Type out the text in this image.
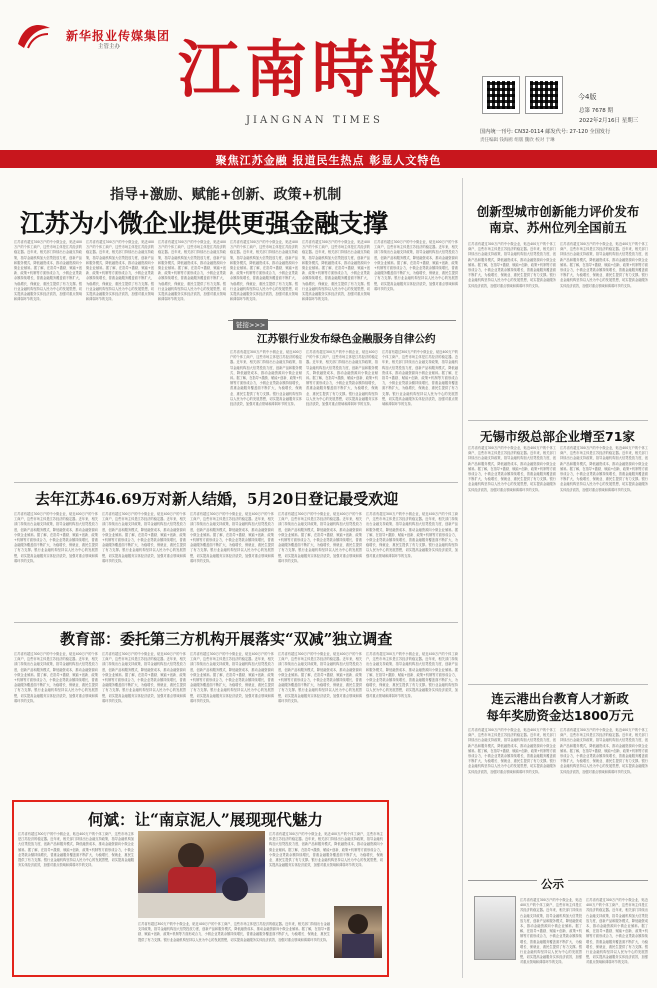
新华报业传媒集团
主管主办 江南時報
JIANGNAN TIMES
今4版
总第 7678 期
2022年2月16日 星期三
国内统一刊号: CN32-0114 邮发代号: 27-120 全国发行
责任编辑 钱海鸥 组版 魏欣 校对 于琳
聚焦江苏金融 报道民生热点 彰显人文特色
指导+激励、赋能+创新、政策+机制
江苏为小微企业提供更强金融支撑
江苏省有超过300万户的中小微企业，贴近400万户的个体工商户，这些市场主体是江苏经济的稳定器。近年来，相关部门持续出台金融支持政策，指导金融机构加大信贷投放力度，创新产品和服务模式，降低融资成本，推动金融资源向小微企业倾斜。据了解，在指导+激励、赋能+创新、政策+机制等方面形成合力，小微企业贷款余额持续增长，普惠金融服务覆盖面不断扩大，为稳增长、保就业、惠民生提供了有力支撑。银行业金融机构坚持以人民为中心的发展思想，切实提高金融服务实体经济质效，加强对重点领域和薄弱环节的支持。
江苏省有超过300万户的中小微企业，贴近400万户的个体工商户，这些市场主体是江苏经济的稳定器。近年来，相关部门持续出台金融支持政策，指导金融机构加大信贷投放力度，创新产品和服务模式，降低融资成本，推动金融资源向小微企业倾斜。据了解，在指导+激励、赋能+创新、政策+机制等方面形成合力，小微企业贷款余额持续增长，普惠金融服务覆盖面不断扩大，为稳增长、保就业、惠民生提供了有力支撑。银行业金融机构坚持以人民为中心的发展思想，切实提高金融服务实体经济质效，加强对重点领域和薄弱环节的支持。
江苏省有超过300万户的中小微企业，贴近400万户的个体工商户，这些市场主体是江苏经济的稳定器。近年来，相关部门持续出台金融支持政策，指导金融机构加大信贷投放力度，创新产品和服务模式，降低融资成本，推动金融资源向小微企业倾斜。据了解，在指导+激励、赋能+创新、政策+机制等方面形成合力，小微企业贷款余额持续增长，普惠金融服务覆盖面不断扩大，为稳增长、保就业、惠民生提供了有力支撑。银行业金融机构坚持以人民为中心的发展思想，切实提高金融服务实体经济质效，加强对重点领域和薄弱环节的支持。
江苏省有超过300万户的中小微企业，贴近400万户的个体工商户，这些市场主体是江苏经济的稳定器。近年来，相关部门持续出台金融支持政策，指导金融机构加大信贷投放力度，创新产品和服务模式，降低融资成本，推动金融资源向小微企业倾斜。据了解，在指导+激励、赋能+创新、政策+机制等方面形成合力，小微企业贷款余额持续增长，普惠金融服务覆盖面不断扩大，为稳增长、保就业、惠民生提供了有力支撑。银行业金融机构坚持以人民为中心的发展思想，切实提高金融服务实体经济质效，加强对重点领域和薄弱环节的支持。
江苏省有超过300万户的中小微企业，贴近400万户的个体工商户，这些市场主体是江苏经济的稳定器。近年来，相关部门持续出台金融支持政策，指导金融机构加大信贷投放力度，创新产品和服务模式，降低融资成本，推动金融资源向小微企业倾斜。据了解，在指导+激励、赋能+创新、政策+机制等方面形成合力，小微企业贷款余额持续增长，普惠金融服务覆盖面不断扩大，为稳增长、保就业、惠民生提供了有力支撑。银行业金融机构坚持以人民为中心的发展思想，切实提高金融服务实体经济质效，加强对重点领域和薄弱环节的支持。
江苏省有超过300万户的中小微企业，贴近400万户的个体工商户，这些市场主体是江苏经济的稳定器。近年来，相关部门持续出台金融支持政策，指导金融机构加大信贷投放力度，创新产品和服务模式，降低融资成本，推动金融资源向小微企业倾斜。据了解，在指导+激励、赋能+创新、政策+机制等方面形成合力，小微企业贷款余额持续增长，普惠金融服务覆盖面不断扩大，为稳增长、保就业、惠民生提供了有力支撑。银行业金融机构坚持以人民为中心的发展思想，切实提高金融服务实体经济质效，加强对重点领域和薄弱环节的支持。
链接>>>
江苏银行业发布绿色金融服务自律公约
江苏省有超过300万户的中小微企业，贴近400万户的个体工商户，这些市场主体是江苏经济的稳定器。近年来，相关部门持续出台金融支持政策，指导金融机构加大信贷投放力度，创新产品和服务模式，降低融资成本，推动金融资源向小微企业倾斜。据了解，在指导+激励、赋能+创新、政策+机制等方面形成合力，小微企业贷款余额持续增长，普惠金融服务覆盖面不断扩大，为稳增长、保就业、惠民生提供了有力支撑。银行业金融机构坚持以人民为中心的发展思想，切实提高金融服务实体经济质效，加强对重点领域和薄弱环节的支持。
江苏省有超过300万户的中小微企业，贴近400万户的个体工商户，这些市场主体是江苏经济的稳定器。近年来，相关部门持续出台金融支持政策，指导金融机构加大信贷投放力度，创新产品和服务模式，降低融资成本，推动金融资源向小微企业倾斜。据了解，在指导+激励、赋能+创新、政策+机制等方面形成合力，小微企业贷款余额持续增长，普惠金融服务覆盖面不断扩大，为稳增长、保就业、惠民生提供了有力支撑。银行业金融机构坚持以人民为中心的发展思想，切实提高金融服务实体经济质效，加强对重点领域和薄弱环节的支持。
江苏省有超过300万户的中小微企业，贴近400万户的个体工商户，这些市场主体是江苏经济的稳定器。近年来，相关部门持续出台金融支持政策，指导金融机构加大信贷投放力度，创新产品和服务模式，降低融资成本，推动金融资源向小微企业倾斜。据了解，在指导+激励、赋能+创新、政策+机制等方面形成合力，小微企业贷款余额持续增长，普惠金融服务覆盖面不断扩大，为稳增长、保就业、惠民生提供了有力支撑。银行业金融机构坚持以人民为中心的发展思想，切实提高金融服务实体经济质效，加强对重点领域和薄弱环节的支持。
创新型城市创新能力评价发布
南京、苏州位列全国前五
江苏省有超过300万户的中小微企业，贴近400万户的个体工商户，这些市场主体是江苏经济的稳定器。近年来，相关部门持续出台金融支持政策，指导金融机构加大信贷投放力度，创新产品和服务模式，降低融资成本，推动金融资源向小微企业倾斜。据了解，在指导+激励、赋能+创新、政策+机制等方面形成合力，小微企业贷款余额持续增长，普惠金融服务覆盖面不断扩大，为稳增长、保就业、惠民生提供了有力支撑。银行业金融机构坚持以人民为中心的发展思想，切实提高金融服务实体经济质效，加强对重点领域和薄弱环节的支持。
江苏省有超过300万户的中小微企业，贴近400万户的个体工商户，这些市场主体是江苏经济的稳定器。近年来，相关部门持续出台金融支持政策，指导金融机构加大信贷投放力度，创新产品和服务模式，降低融资成本，推动金融资源向小微企业倾斜。据了解，在指导+激励、赋能+创新、政策+机制等方面形成合力，小微企业贷款余额持续增长，普惠金融服务覆盖面不断扩大，为稳增长、保就业、惠民生提供了有力支撑。银行业金融机构坚持以人民为中心的发展思想，切实提高金融服务实体经济质效，加强对重点领域和薄弱环节的支持。
无锡市级总部企业增至71家
江苏省有超过300万户的中小微企业，贴近400万户的个体工商户，这些市场主体是江苏经济的稳定器。近年来，相关部门持续出台金融支持政策，指导金融机构加大信贷投放力度，创新产品和服务模式，降低融资成本，推动金融资源向小微企业倾斜。据了解，在指导+激励、赋能+创新、政策+机制等方面形成合力，小微企业贷款余额持续增长，普惠金融服务覆盖面不断扩大，为稳增长、保就业、惠民生提供了有力支撑。银行业金融机构坚持以人民为中心的发展思想，切实提高金融服务实体经济质效，加强对重点领域和薄弱环节的支持。
江苏省有超过300万户的中小微企业，贴近400万户的个体工商户，这些市场主体是江苏经济的稳定器。近年来，相关部门持续出台金融支持政策，指导金融机构加大信贷投放力度，创新产品和服务模式，降低融资成本，推动金融资源向小微企业倾斜。据了解，在指导+激励、赋能+创新、政策+机制等方面形成合力，小微企业贷款余额持续增长，普惠金融服务覆盖面不断扩大，为稳增长、保就业、惠民生提供了有力支撑。银行业金融机构坚持以人民为中心的发展思想，切实提高金融服务实体经济质效，加强对重点领域和薄弱环节的支持。
连云港出台教育人才新政
每年奖励资金达1800万元
江苏省有超过300万户的中小微企业，贴近400万户的个体工商户，这些市场主体是江苏经济的稳定器。近年来，相关部门持续出台金融支持政策，指导金融机构加大信贷投放力度，创新产品和服务模式，降低融资成本，推动金融资源向小微企业倾斜。据了解，在指导+激励、赋能+创新、政策+机制等方面形成合力，小微企业贷款余额持续增长，普惠金融服务覆盖面不断扩大，为稳增长、保就业、惠民生提供了有力支撑。银行业金融机构坚持以人民为中心的发展思想，切实提高金融服务实体经济质效，加强对重点领域和薄弱环节的支持。
江苏省有超过300万户的中小微企业，贴近400万户的个体工商户，这些市场主体是江苏经济的稳定器。近年来，相关部门持续出台金融支持政策，指导金融机构加大信贷投放力度，创新产品和服务模式，降低融资成本，推动金融资源向小微企业倾斜。据了解，在指导+激励、赋能+创新、政策+机制等方面形成合力，小微企业贷款余额持续增长，普惠金融服务覆盖面不断扩大，为稳增长、保就业、惠民生提供了有力支撑。银行业金融机构坚持以人民为中心的发展思想，切实提高金融服务实体经济质效，加强对重点领域和薄弱环节的支持。
公示
江苏省有超过300万户的中小微企业，贴近400万户的个体工商户，这些市场主体是江苏经济的稳定器。近年来，相关部门持续出台金融支持政策，指导金融机构加大信贷投放力度，创新产品和服务模式，降低融资成本，推动金融资源向小微企业倾斜。据了解，在指导+激励、赋能+创新、政策+机制等方面形成合力，小微企业贷款余额持续增长，普惠金融服务覆盖面不断扩大，为稳增长、保就业、惠民生提供了有力支撑。银行业金融机构坚持以人民为中心的发展思想，切实提高金融服务实体经济质效，加强对重点领域和薄弱环节的支持。
江苏省有超过300万户的中小微企业，贴近400万户的个体工商户，这些市场主体是江苏经济的稳定器。近年来，相关部门持续出台金融支持政策，指导金融机构加大信贷投放力度，创新产品和服务模式，降低融资成本，推动金融资源向小微企业倾斜。据了解，在指导+激励、赋能+创新、政策+机制等方面形成合力，小微企业贷款余额持续增长，普惠金融服务覆盖面不断扩大，为稳增长、保就业、惠民生提供了有力支撑。银行业金融机构坚持以人民为中心的发展思想，切实提高金融服务实体经济质效，加强对重点领域和薄弱环节的支持。
去年江苏46.69万对新人结婚，5月20日登记最受欢迎
江苏省有超过300万户的中小微企业，贴近400万户的个体工商户，这些市场主体是江苏经济的稳定器。近年来，相关部门持续出台金融支持政策，指导金融机构加大信贷投放力度，创新产品和服务模式，降低融资成本，推动金融资源向小微企业倾斜。据了解，在指导+激励、赋能+创新、政策+机制等方面形成合力，小微企业贷款余额持续增长，普惠金融服务覆盖面不断扩大，为稳增长、保就业、惠民生提供了有力支撑。银行业金融机构坚持以人民为中心的发展思想，切实提高金融服务实体经济质效，加强对重点领域和薄弱环节的支持。
江苏省有超过300万户的中小微企业，贴近400万户的个体工商户，这些市场主体是江苏经济的稳定器。近年来，相关部门持续出台金融支持政策，指导金融机构加大信贷投放力度，创新产品和服务模式，降低融资成本，推动金融资源向小微企业倾斜。据了解，在指导+激励、赋能+创新、政策+机制等方面形成合力，小微企业贷款余额持续增长，普惠金融服务覆盖面不断扩大，为稳增长、保就业、惠民生提供了有力支撑。银行业金融机构坚持以人民为中心的发展思想，切实提高金融服务实体经济质效，加强对重点领域和薄弱环节的支持。
江苏省有超过300万户的中小微企业，贴近400万户的个体工商户，这些市场主体是江苏经济的稳定器。近年来，相关部门持续出台金融支持政策，指导金融机构加大信贷投放力度，创新产品和服务模式，降低融资成本，推动金融资源向小微企业倾斜。据了解，在指导+激励、赋能+创新、政策+机制等方面形成合力，小微企业贷款余额持续增长，普惠金融服务覆盖面不断扩大，为稳增长、保就业、惠民生提供了有力支撑。银行业金融机构坚持以人民为中心的发展思想，切实提高金融服务实体经济质效，加强对重点领域和薄弱环节的支持。
江苏省有超过300万户的中小微企业，贴近400万户的个体工商户，这些市场主体是江苏经济的稳定器。近年来，相关部门持续出台金融支持政策，指导金融机构加大信贷投放力度，创新产品和服务模式，降低融资成本，推动金融资源向小微企业倾斜。据了解，在指导+激励、赋能+创新、政策+机制等方面形成合力，小微企业贷款余额持续增长，普惠金融服务覆盖面不断扩大，为稳增长、保就业、惠民生提供了有力支撑。银行业金融机构坚持以人民为中心的发展思想，切实提高金融服务实体经济质效，加强对重点领域和薄弱环节的支持。
江苏省有超过300万户的中小微企业，贴近400万户的个体工商户，这些市场主体是江苏经济的稳定器。近年来，相关部门持续出台金融支持政策，指导金融机构加大信贷投放力度，创新产品和服务模式，降低融资成本，推动金融资源向小微企业倾斜。据了解，在指导+激励、赋能+创新、政策+机制等方面形成合力，小微企业贷款余额持续增长，普惠金融服务覆盖面不断扩大，为稳增长、保就业、惠民生提供了有力支撑。银行业金融机构坚持以人民为中心的发展思想，切实提高金融服务实体经济质效，加强对重点领域和薄弱环节的支持。
教育部：委托第三方机构开展落实“双减”独立调查
江苏省有超过300万户的中小微企业，贴近400万户的个体工商户，这些市场主体是江苏经济的稳定器。近年来，相关部门持续出台金融支持政策，指导金融机构加大信贷投放力度，创新产品和服务模式，降低融资成本，推动金融资源向小微企业倾斜。据了解，在指导+激励、赋能+创新、政策+机制等方面形成合力，小微企业贷款余额持续增长，普惠金融服务覆盖面不断扩大，为稳增长、保就业、惠民生提供了有力支撑。银行业金融机构坚持以人民为中心的发展思想，切实提高金融服务实体经济质效，加强对重点领域和薄弱环节的支持。
江苏省有超过300万户的中小微企业，贴近400万户的个体工商户，这些市场主体是江苏经济的稳定器。近年来，相关部门持续出台金融支持政策，指导金融机构加大信贷投放力度，创新产品和服务模式，降低融资成本，推动金融资源向小微企业倾斜。据了解，在指导+激励、赋能+创新、政策+机制等方面形成合力，小微企业贷款余额持续增长，普惠金融服务覆盖面不断扩大，为稳增长、保就业、惠民生提供了有力支撑。银行业金融机构坚持以人民为中心的发展思想，切实提高金融服务实体经济质效，加强对重点领域和薄弱环节的支持。
江苏省有超过300万户的中小微企业，贴近400万户的个体工商户，这些市场主体是江苏经济的稳定器。近年来，相关部门持续出台金融支持政策，指导金融机构加大信贷投放力度，创新产品和服务模式，降低融资成本，推动金融资源向小微企业倾斜。据了解，在指导+激励、赋能+创新、政策+机制等方面形成合力，小微企业贷款余额持续增长，普惠金融服务覆盖面不断扩大，为稳增长、保就业、惠民生提供了有力支撑。银行业金融机构坚持以人民为中心的发展思想，切实提高金融服务实体经济质效，加强对重点领域和薄弱环节的支持。
江苏省有超过300万户的中小微企业，贴近400万户的个体工商户，这些市场主体是江苏经济的稳定器。近年来，相关部门持续出台金融支持政策，指导金融机构加大信贷投放力度，创新产品和服务模式，降低融资成本，推动金融资源向小微企业倾斜。据了解，在指导+激励、赋能+创新、政策+机制等方面形成合力，小微企业贷款余额持续增长，普惠金融服务覆盖面不断扩大，为稳增长、保就业、惠民生提供了有力支撑。银行业金融机构坚持以人民为中心的发展思想，切实提高金融服务实体经济质效，加强对重点领域和薄弱环节的支持。
江苏省有超过300万户的中小微企业，贴近400万户的个体工商户，这些市场主体是江苏经济的稳定器。近年来，相关部门持续出台金融支持政策，指导金融机构加大信贷投放力度，创新产品和服务模式，降低融资成本，推动金融资源向小微企业倾斜。据了解，在指导+激励、赋能+创新、政策+机制等方面形成合力，小微企业贷款余额持续增长，普惠金融服务覆盖面不断扩大，为稳增长、保就业、惠民生提供了有力支撑。银行业金融机构坚持以人民为中心的发展思想，切实提高金融服务实体经济质效，加强对重点领域和薄弱环节的支持。
何斌：让“南京泥人”展现现代魅力
江苏省有超过300万户的中小微企业，贴近400万户的个体工商户，这些市场主体是江苏经济的稳定器。近年来，相关部门持续出台金融支持政策，指导金融机构加大信贷投放力度，创新产品和服务模式，降低融资成本，推动金融资源向小微企业倾斜。据了解，在指导+激励、赋能+创新、政策+机制等方面形成合力，小微企业贷款余额持续增长，普惠金融服务覆盖面不断扩大，为稳增长、保就业、惠民生提供了有力支撑。银行业金融机构坚持以人民为中心的发展思想，切实提高金融服务实体经济质效，加强对重点领域和薄弱环节的支持。
江苏省有超过300万户的中小微企业，贴近400万户的个体工商户，这些市场主体是江苏经济的稳定器。近年来，相关部门持续出台金融支持政策，指导金融机构加大信贷投放力度，创新产品和服务模式，降低融资成本，推动金融资源向小微企业倾斜。据了解，在指导+激励、赋能+创新、政策+机制等方面形成合力，小微企业贷款余额持续增长，普惠金融服务覆盖面不断扩大，为稳增长、保就业、惠民生提供了有力支撑。银行业金融机构坚持以人民为中心的发展思想，切实提高金融服务实体经济质效，加强对重点领域和薄弱环节的支持。
江苏省有超过300万户的中小微企业，贴近400万户的个体工商户，这些市场主体是江苏经济的稳定器。近年来，相关部门持续出台金融支持政策，指导金融机构加大信贷投放力度，创新产品和服务模式，降低融资成本，推动金融资源向小微企业倾斜。据了解，在指导+激励、赋能+创新、政策+机制等方面形成合力，小微企业贷款余额持续增长，普惠金融服务覆盖面不断扩大，为稳增长、保就业、惠民生提供了有力支撑。银行业金融机构坚持以人民为中心的发展思想，切实提高金融服务实体经济质效，加强对重点领域和薄弱环节的支持。
